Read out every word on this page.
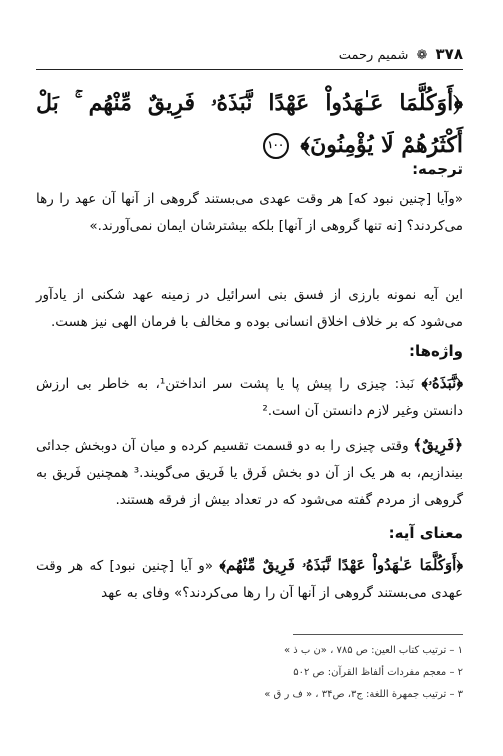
۳۷۸ ❁ شمیم رحمت
﴿أَوَكُلَّمَا عَـٰهَدُواْ عَهْدًا نَّبَذَهُۥ فَرِيقٌ مِّنْهُم ۚ بَلْ أَكْثَرُهُمْ لَا يُؤْمِنُونَ﴾ ١٠٠
ترجمه:
«وآیا [چنین نبود که] هر وقت عهدی می‌بستند گروهی از آنها آن عهد را رها می‌کردند؟ [نه تنها گروهی از آنها] بلکه بیشترشان ایمان نمی‌آورند.»
این آیه نمونه بارزی از فسق بنی اسرائیل در زمینه عهد شکنی از یادآور می‌شود که بر خلاف اخلاق انسانی بوده و مخالف با فرمان الهی نیز هست.
واژه‌ها:
﴿نَّبَذَهُۥ﴾ نَبذ: چیزی را پیش پا یا پشت سر انداختن¹، به خاطر بی ارزش دانستن وغیر لازم دانستن آن است.²
﴿فَرِيقٌ﴾ وقتی چیزی را به دو قسمت تقسیم کرده و میان آن دوبخش جدائی بیندازیم، به هر یک از آن دو بخش فَرق یا فَریق می‌گویند.³ همچنین فَریق به گروهی از مردم گفته می‌شود که در تعداد بیش از فرقه هستند.
معنای آیه:
﴿أَوَكُلَّمَا عَـٰهَدُواْ عَهْدًا نَّبَذَهُۥ فَرِيقٌ مِّنْهُم﴾ «و آیا [چنین نبود] که هر وقت عهدی می‌بستند گروهی از آنها آن را رها می‌کردند؟» وفای به عهد
۱ – ترتیب کتاب العین: ص ۷۸۵ ، «ن ب ذ »
۲ – معجم مفردات ألفاظ القرآن: ص ۵۰۲
۳ – ترتیب جمهرة اللغة: ج۳، ص۳۴ ، « ف ر ق »
